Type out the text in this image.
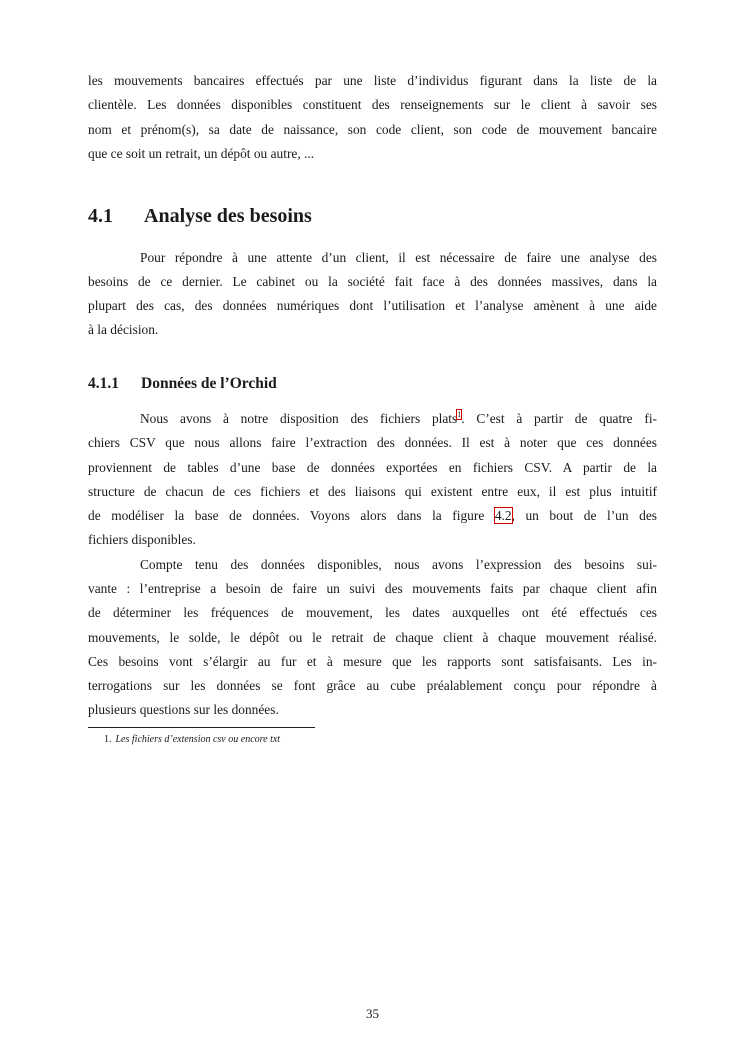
les mouvements bancaires effectués par une liste d’individus figurant dans la liste de la
clientèle. Les données disponibles constituent des renseignements sur le client à savoir ses
nom et prénom(s), sa date de naissance, son code client, son code de mouvement bancaire
que ce soit un retrait, un dépôt ou autre, ...
4.1 Analyse des besoins
Pour répondre à une attente d’un client, il est nécessaire de faire une analyse des
besoins de ce dernier. Le cabinet ou la société fait face à des données massives, dans la
plupart des cas, des données numériques dont l’utilisation et l’analyse amènent à une aide
à la décision.
4.1.1 Données de l’Orchid
Nous avons à notre disposition des fichiers plats$^1$. C’est à partir de quatre fi-
chiers CSV que nous allons faire l’extraction des données. Il est à noter que ces données
proviennent de tables d’une base de données exportées en fichiers CSV. A partir de la
structure de chacun de ces fichiers et des liaisons qui existent entre eux, il est plus intuitif
de modéliser la base de données. Voyons alors dans la figure 4.2, un bout de l’un des
fichiers disponibles.
Compte tenu des données disponibles, nous avons l’expression des besoins sui-
vante : l’entreprise a besoin de faire un suivi des mouvements faits par chaque client afin
de déterminer les fréquences de mouvement, les dates auxquelles ont été effectués ces
mouvements, le solde, le dépôt ou le retrait de chaque client à chaque mouvement réalisé.
Ces besoins vont s’élargir au fur et à mesure que les rapports sont satisfaisants. Les in-
terrogations sur les données se font grâce au cube préalablement conçu pour répondre à
plusieurs questions sur les données.
1. Les fichiers d’extension csv ou encore txt
35
